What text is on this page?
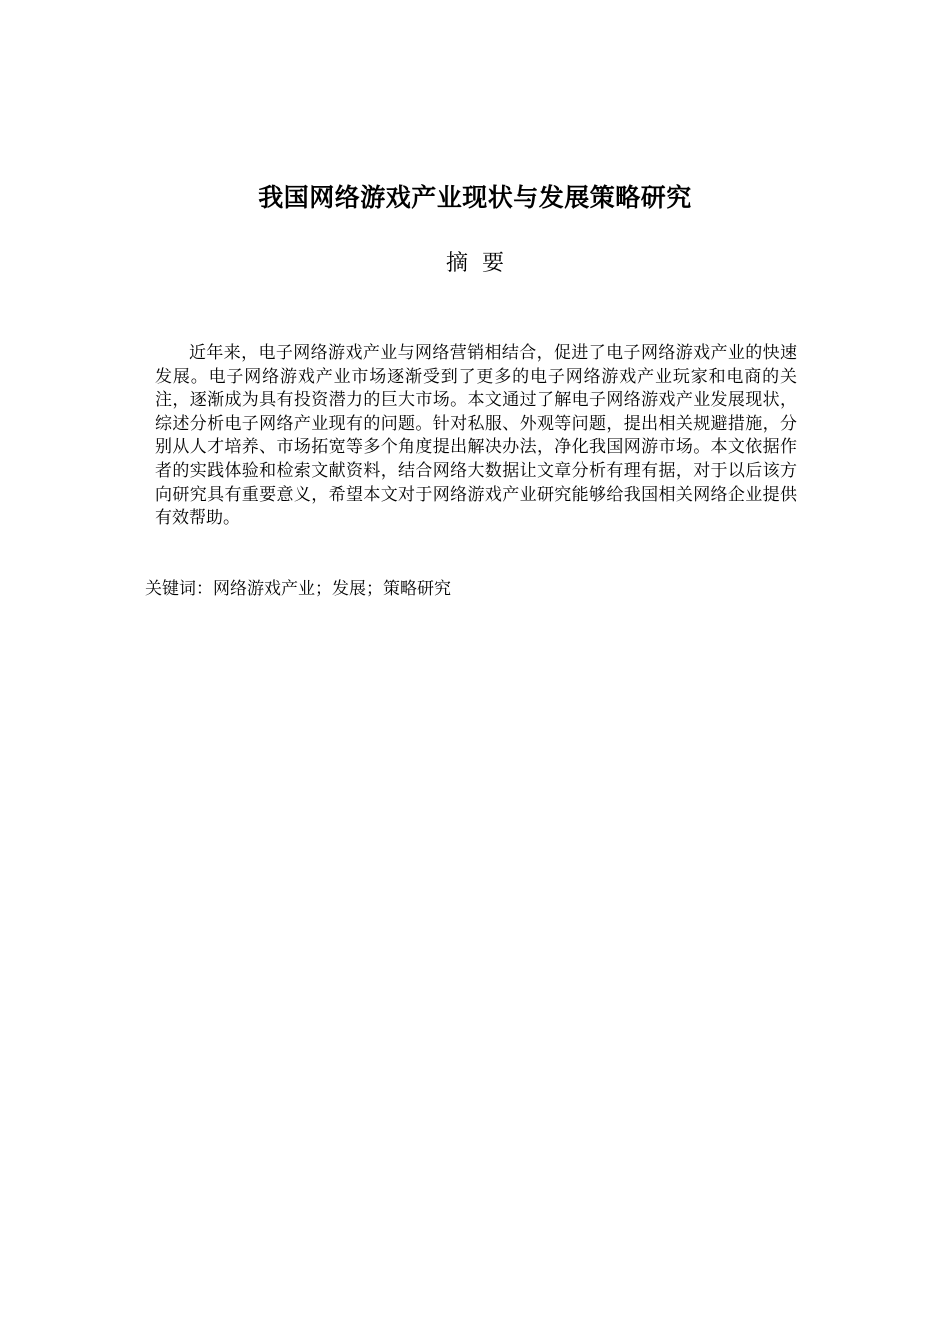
我国网络游戏产业现状与发展策略研究
摘要

近年来，电子网络游戏产业与网络营销相结合，促进了电子网络游戏产业的快速发展。电子网络游戏产业市场逐渐受到了更多的电子网络游戏产业玩家和电商的关注，逐渐成为具有投资潜力的巨大市场。本文通过了解电子网络游戏产业发展现状，综述分析电子网络产业现有的问题。针对私服、外观等问题，提出相关规避措施，分别从人才培养、市场拓宽等多个角度提出解决办法，净化我国网游市场。本文依据作者的实践体验和检索文献资料，结合网络大数据让文章分析有理有据，对于以后该方向研究具有重要意义，希望本文对于网络游戏产业研究能够给我国相关网络企业提供有效帮助。

关键词：网络游戏产业；发展；策略研究
